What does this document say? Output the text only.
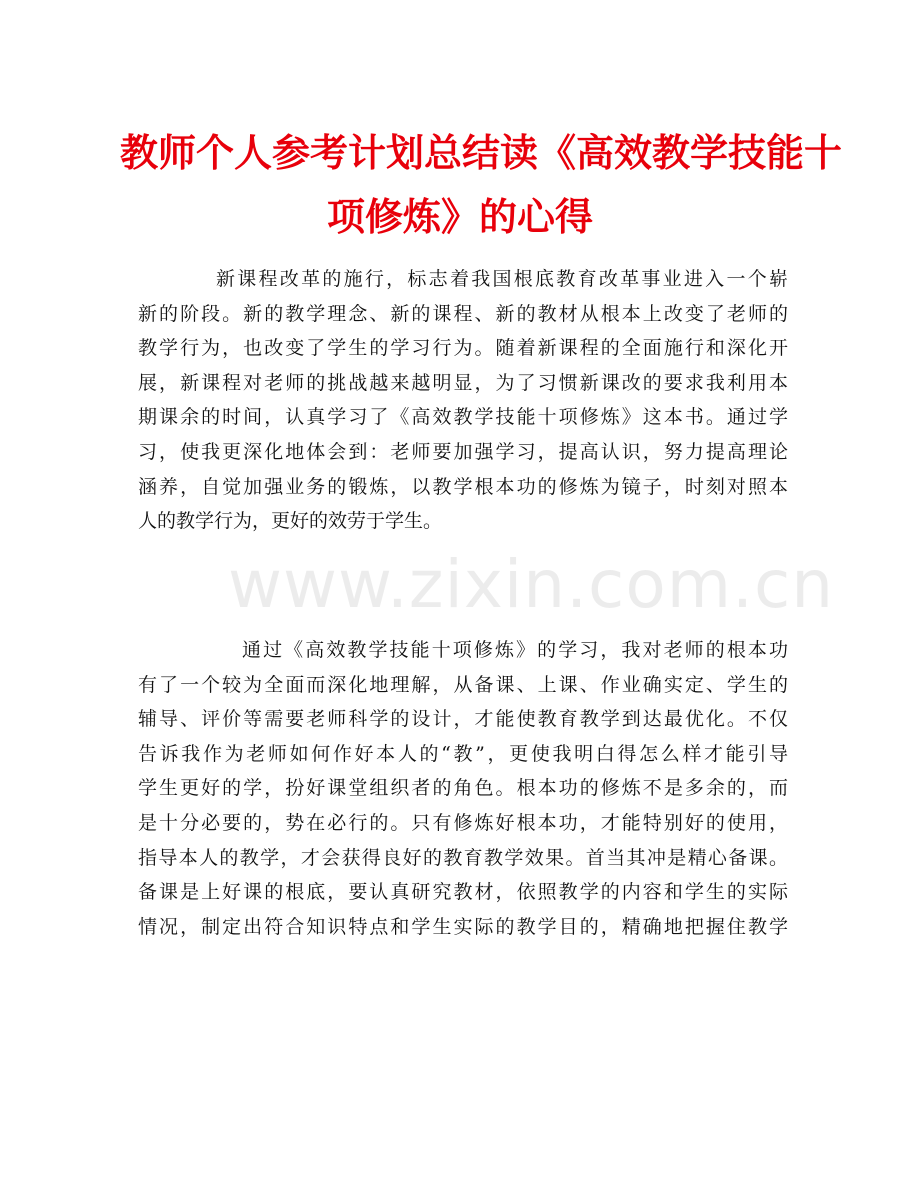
www.zixin.com.cn
教师个人参考计划总结读《高效教学技能十
项修炼》的心得
新课程改革的施行，标志着我国根底教育改革事业进入一个崭
新的阶段。新的教学理念、新的课程、新的教材从根本上改变了老师的
教学行为，也改变了学生的学习行为。随着新课程的全面施行和深化开
展，新课程对老师的挑战越来越明显，为了习惯新课改的要求我利用本
期课余的时间，认真学习了《高效教学技能十项修炼》这本书。通过学
习，使我更深化地体会到：老师要加强学习，提高认识，努力提高理论
涵养，自觉加强业务的锻炼，以教学根本功的修炼为镜子，时刻对照本
人的教学行为，更好的效劳于学生。
通过《高效教学技能十项修炼》的学习，我对老师的根本功
有了一个较为全面而深化地理解，从备课、上课、作业确实定、学生的
辅导、评价等需要老师科学的设计，才能使教育教学到达最优化。不仅
告诉我作为老师如何作好本人的“教”，更使我明白得怎么样才能引导
学生更好的学，扮好课堂组织者的角色。根本功的修炼不是多余的，而
是十分必要的，势在必行的。只有修炼好根本功，才能特别好的使用，
指导本人的教学，才会获得良好的教育教学效果。首当其冲是精心备课。
备课是上好课的根底，要认真研究教材，依照教学的内容和学生的实际
情况，制定出符合知识特点和学生实际的教学目的，精确地把握住教学
